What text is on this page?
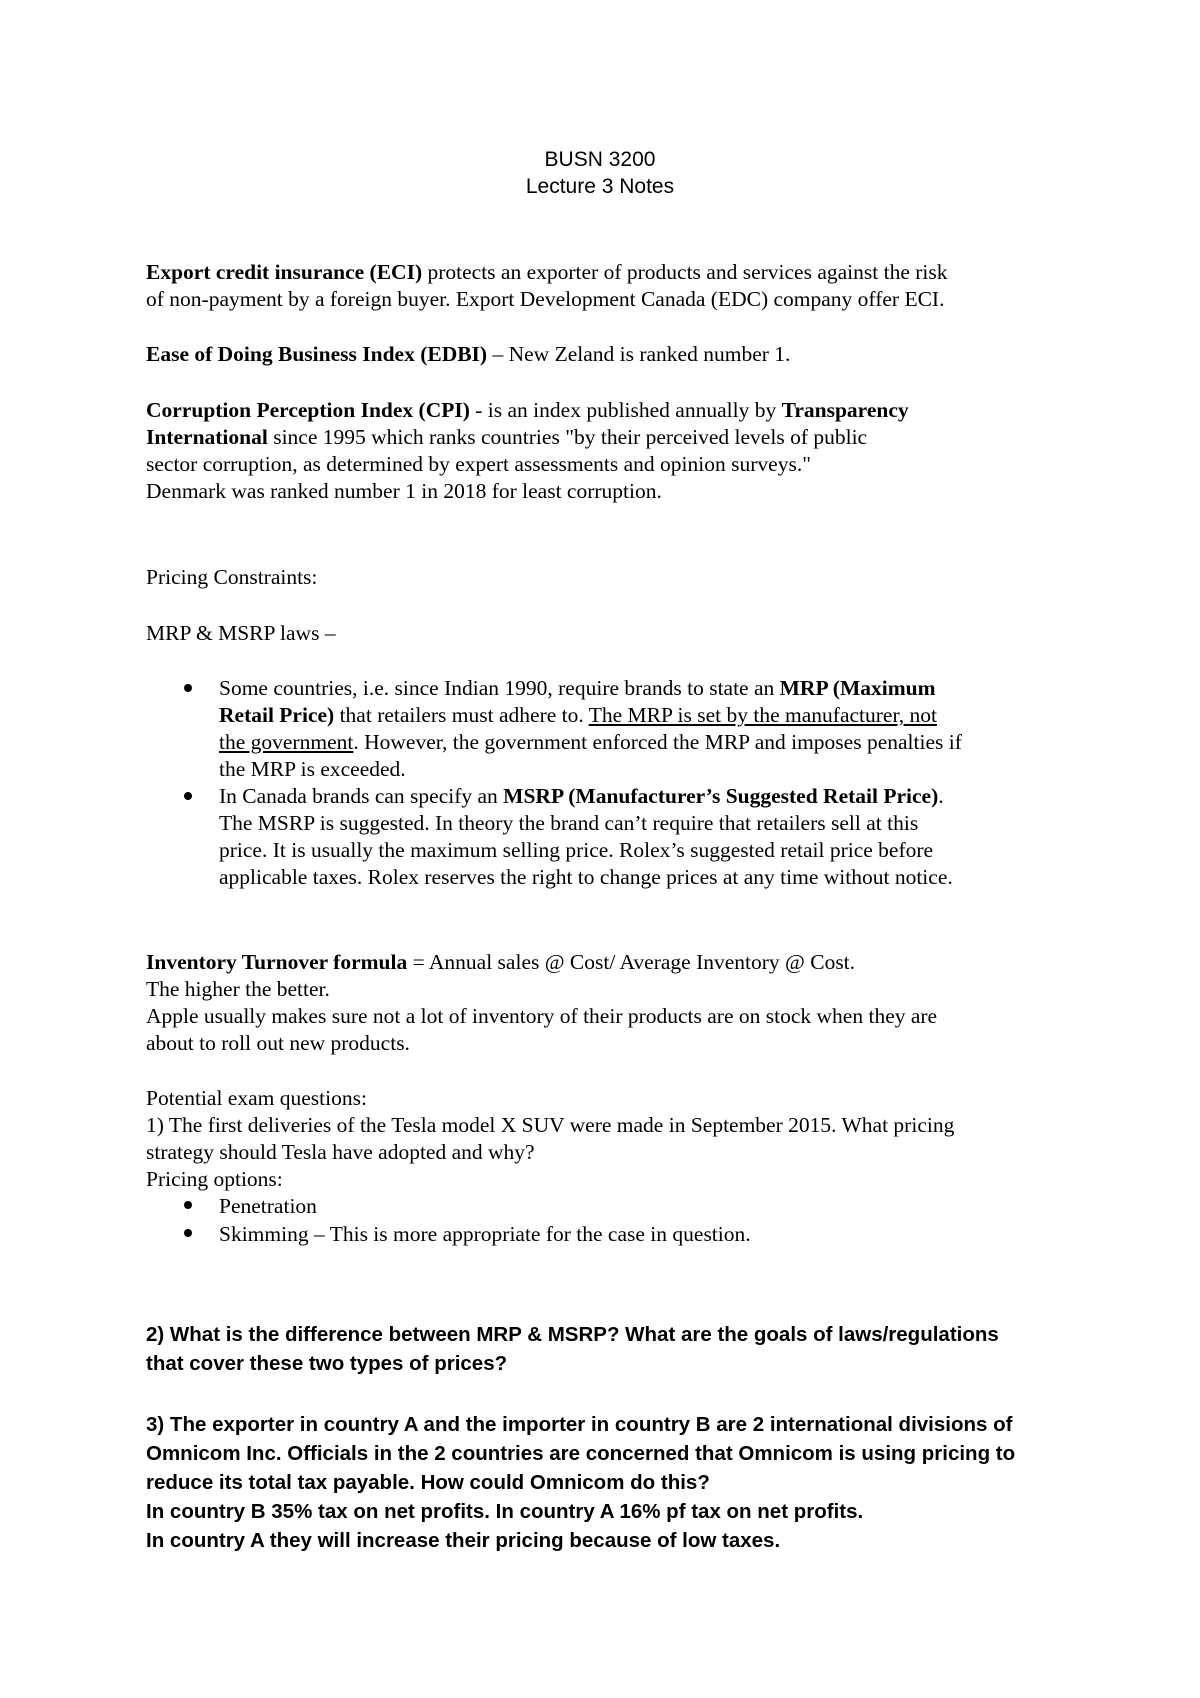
BUSN 3200
Lecture 3 Notes
Export credit insurance (ECI) protects an exporter of products and services against the risk
of non-payment by a foreign buyer. Export Development Canada (EDC) company offer ECI.
Ease of Doing Business Index (EDBI) – New Zeland is ranked number 1.
Corruption Perception Index (CPI) - is an index published annually by Transparency
International since 1995 which ranks countries "by their perceived levels of public
sector corruption, as determined by expert assessments and opinion surveys."
Denmark was ranked number 1 in 2018 for least corruption.
Pricing Constraints:
MRP & MSRP laws –
Some countries, i.e. since Indian 1990, require brands to state an MRP (Maximum
Retail Price) that retailers must adhere to. The MRP is set by the manufacturer, not
the government. However, the government enforced the MRP and imposes penalties if
the MRP is exceeded.
In Canada brands can specify an MSRP (Manufacturer’s Suggested Retail Price).
The MSRP is suggested. In theory the brand can’t require that retailers sell at this
price. It is usually the maximum selling price. Rolex’s suggested retail price before
applicable taxes. Rolex reserves the right to change prices at any time without notice.
Inventory Turnover formula = Annual sales @ Cost/ Average Inventory @ Cost.
The higher the better.
Apple usually makes sure not a lot of inventory of their products are on stock when they are
about to roll out new products.
Potential exam questions:
1) The first deliveries of the Tesla model X SUV were made in September 2015. What pricing
strategy should Tesla have adopted and why?
Pricing options:
Penetration
Skimming – This is more appropriate for the case in question.
2) What is the difference between MRP & MSRP? What are the goals of laws/regulations
that cover these two types of prices?
3) The exporter in country A and the importer in country B are 2 international divisions of
Omnicom Inc. Officials in the 2 countries are concerned that Omnicom is using pricing to
reduce its total tax payable. How could Omnicom do this?
In country B 35% tax on net profits. In country A 16% pf tax on net profits.
In country A they will increase their pricing because of low taxes.
